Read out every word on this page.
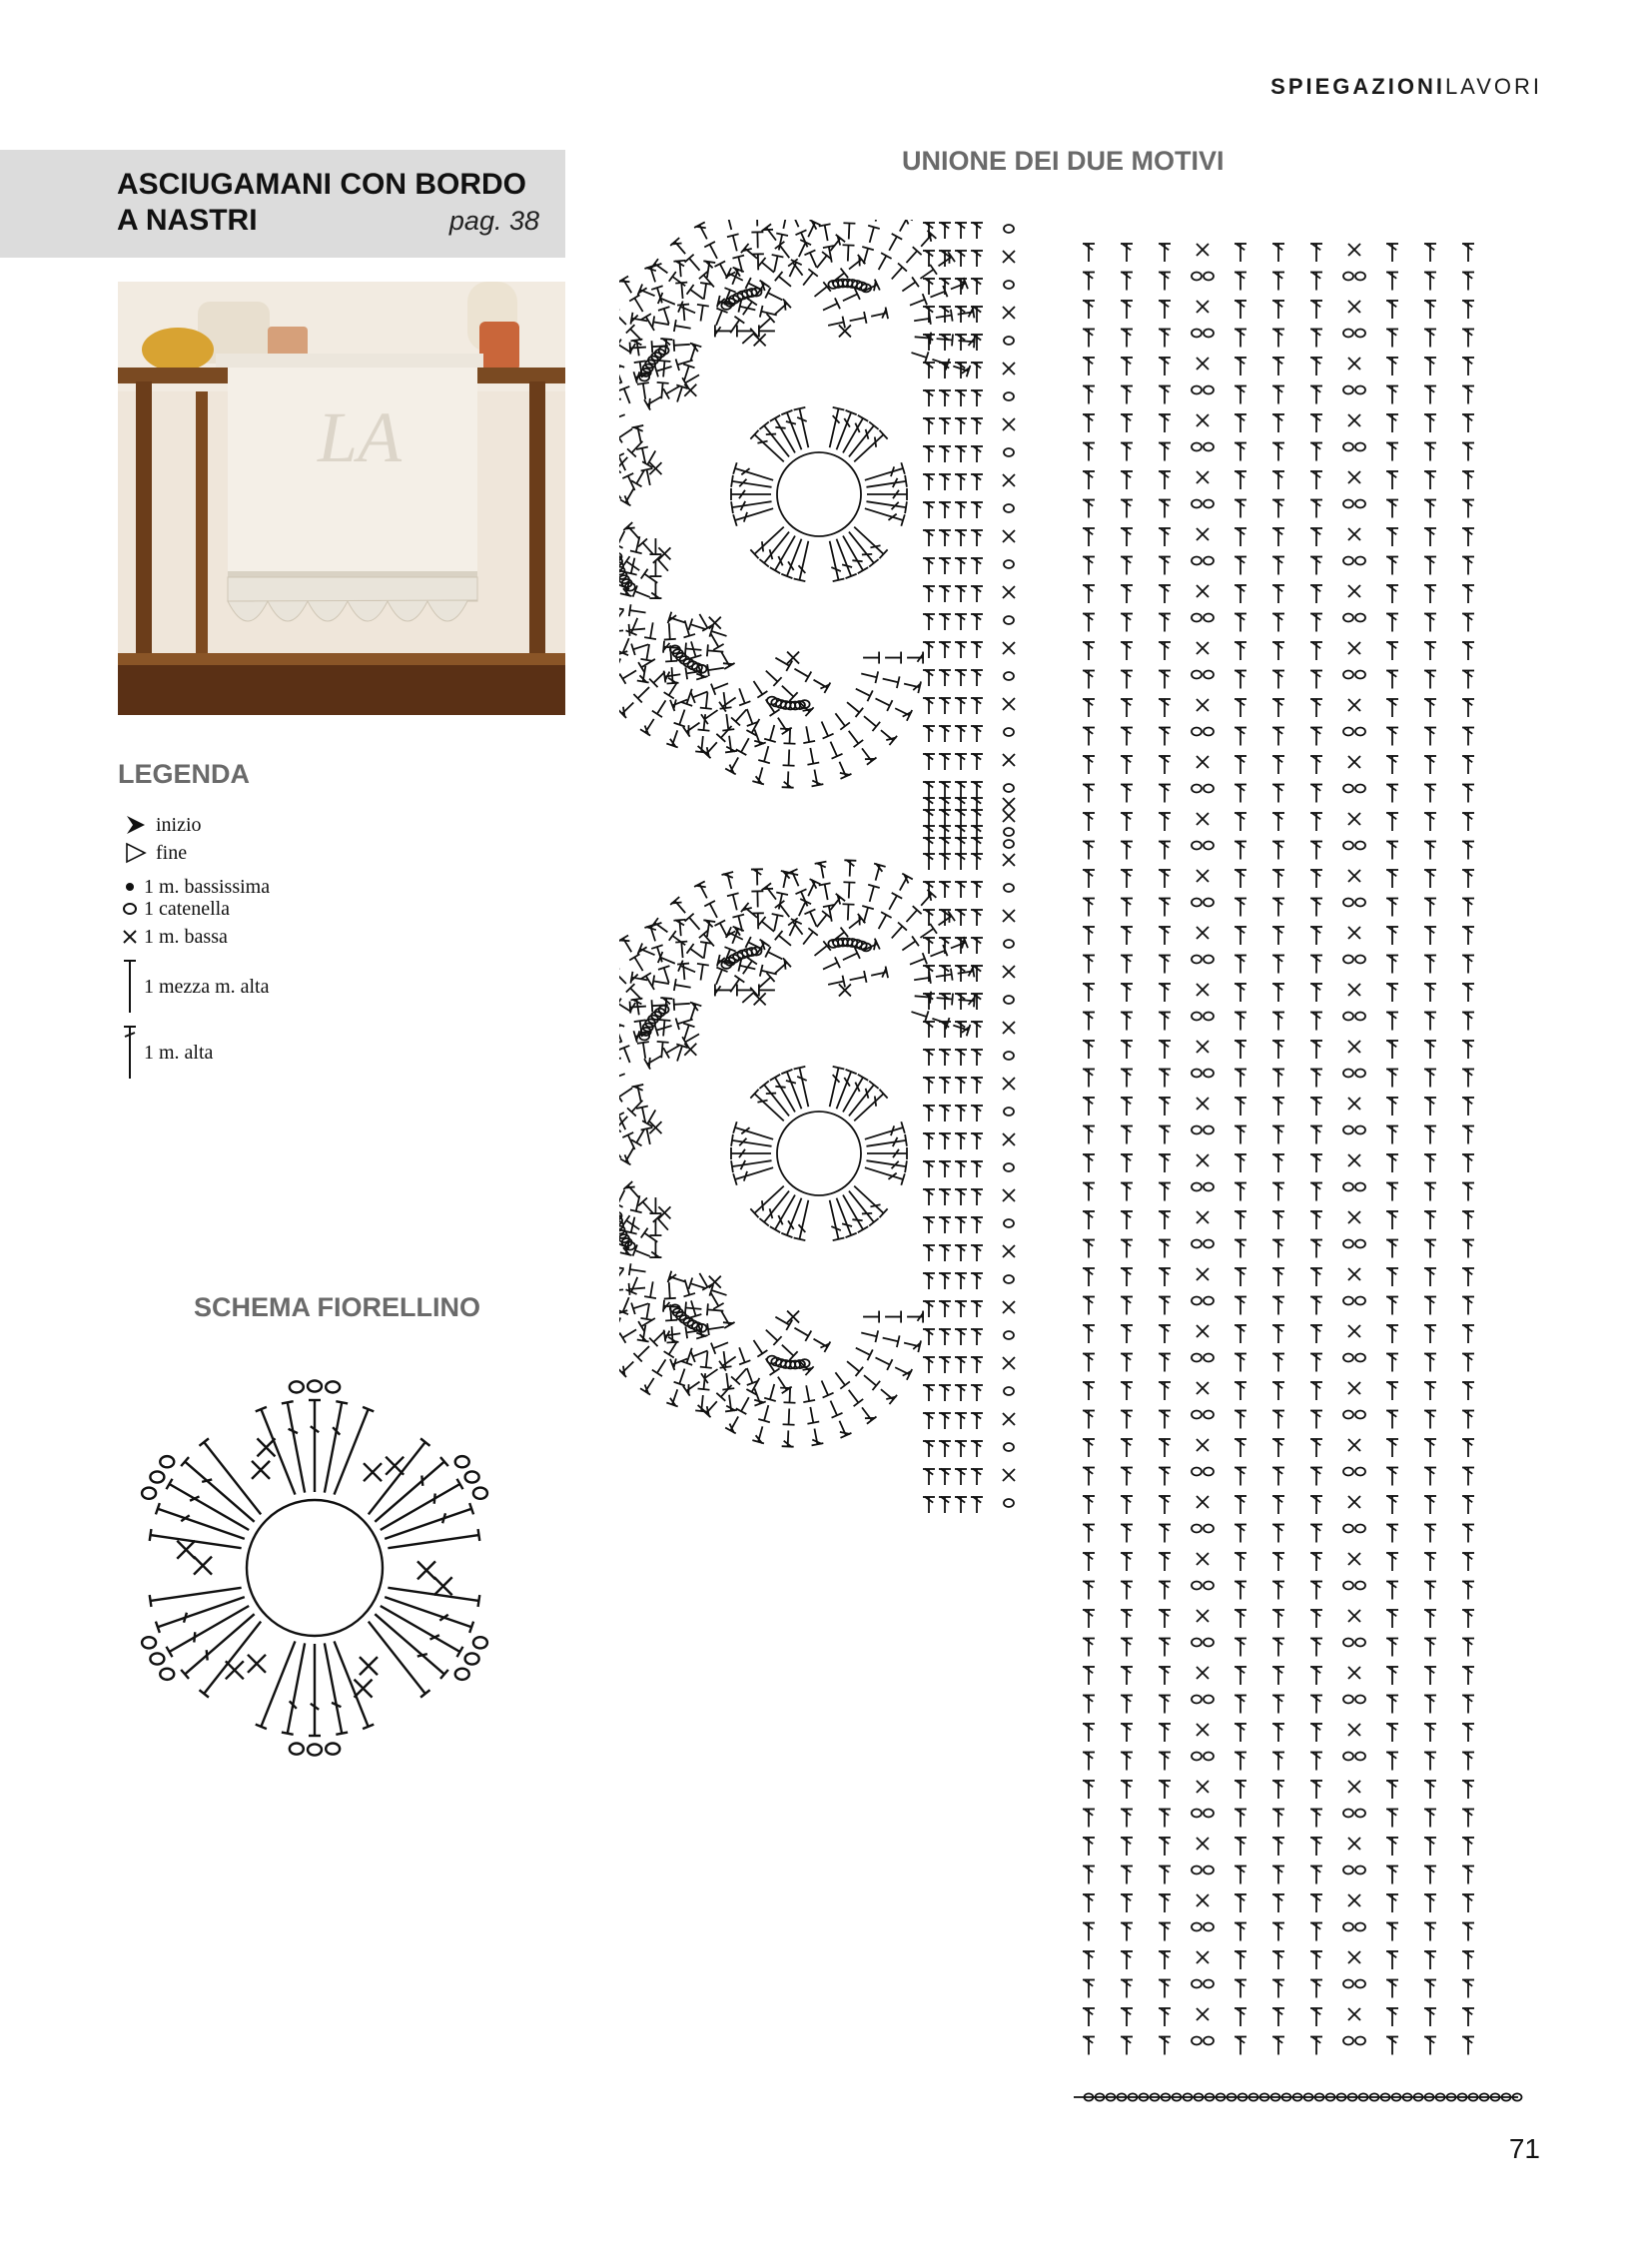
SPIEGAZIONILAVORI
ASCIUGAMANI CON BORDO
A NASTRI	pag. 38
LA
LEGENDA
inizio
fine
1 m. bassissima
1 catenella
1 m. bassa
1 mezza m. alta
1 m. alta
SCHEMA FIORELLINO
UNIONE DEI DUE MOTIVI
71
